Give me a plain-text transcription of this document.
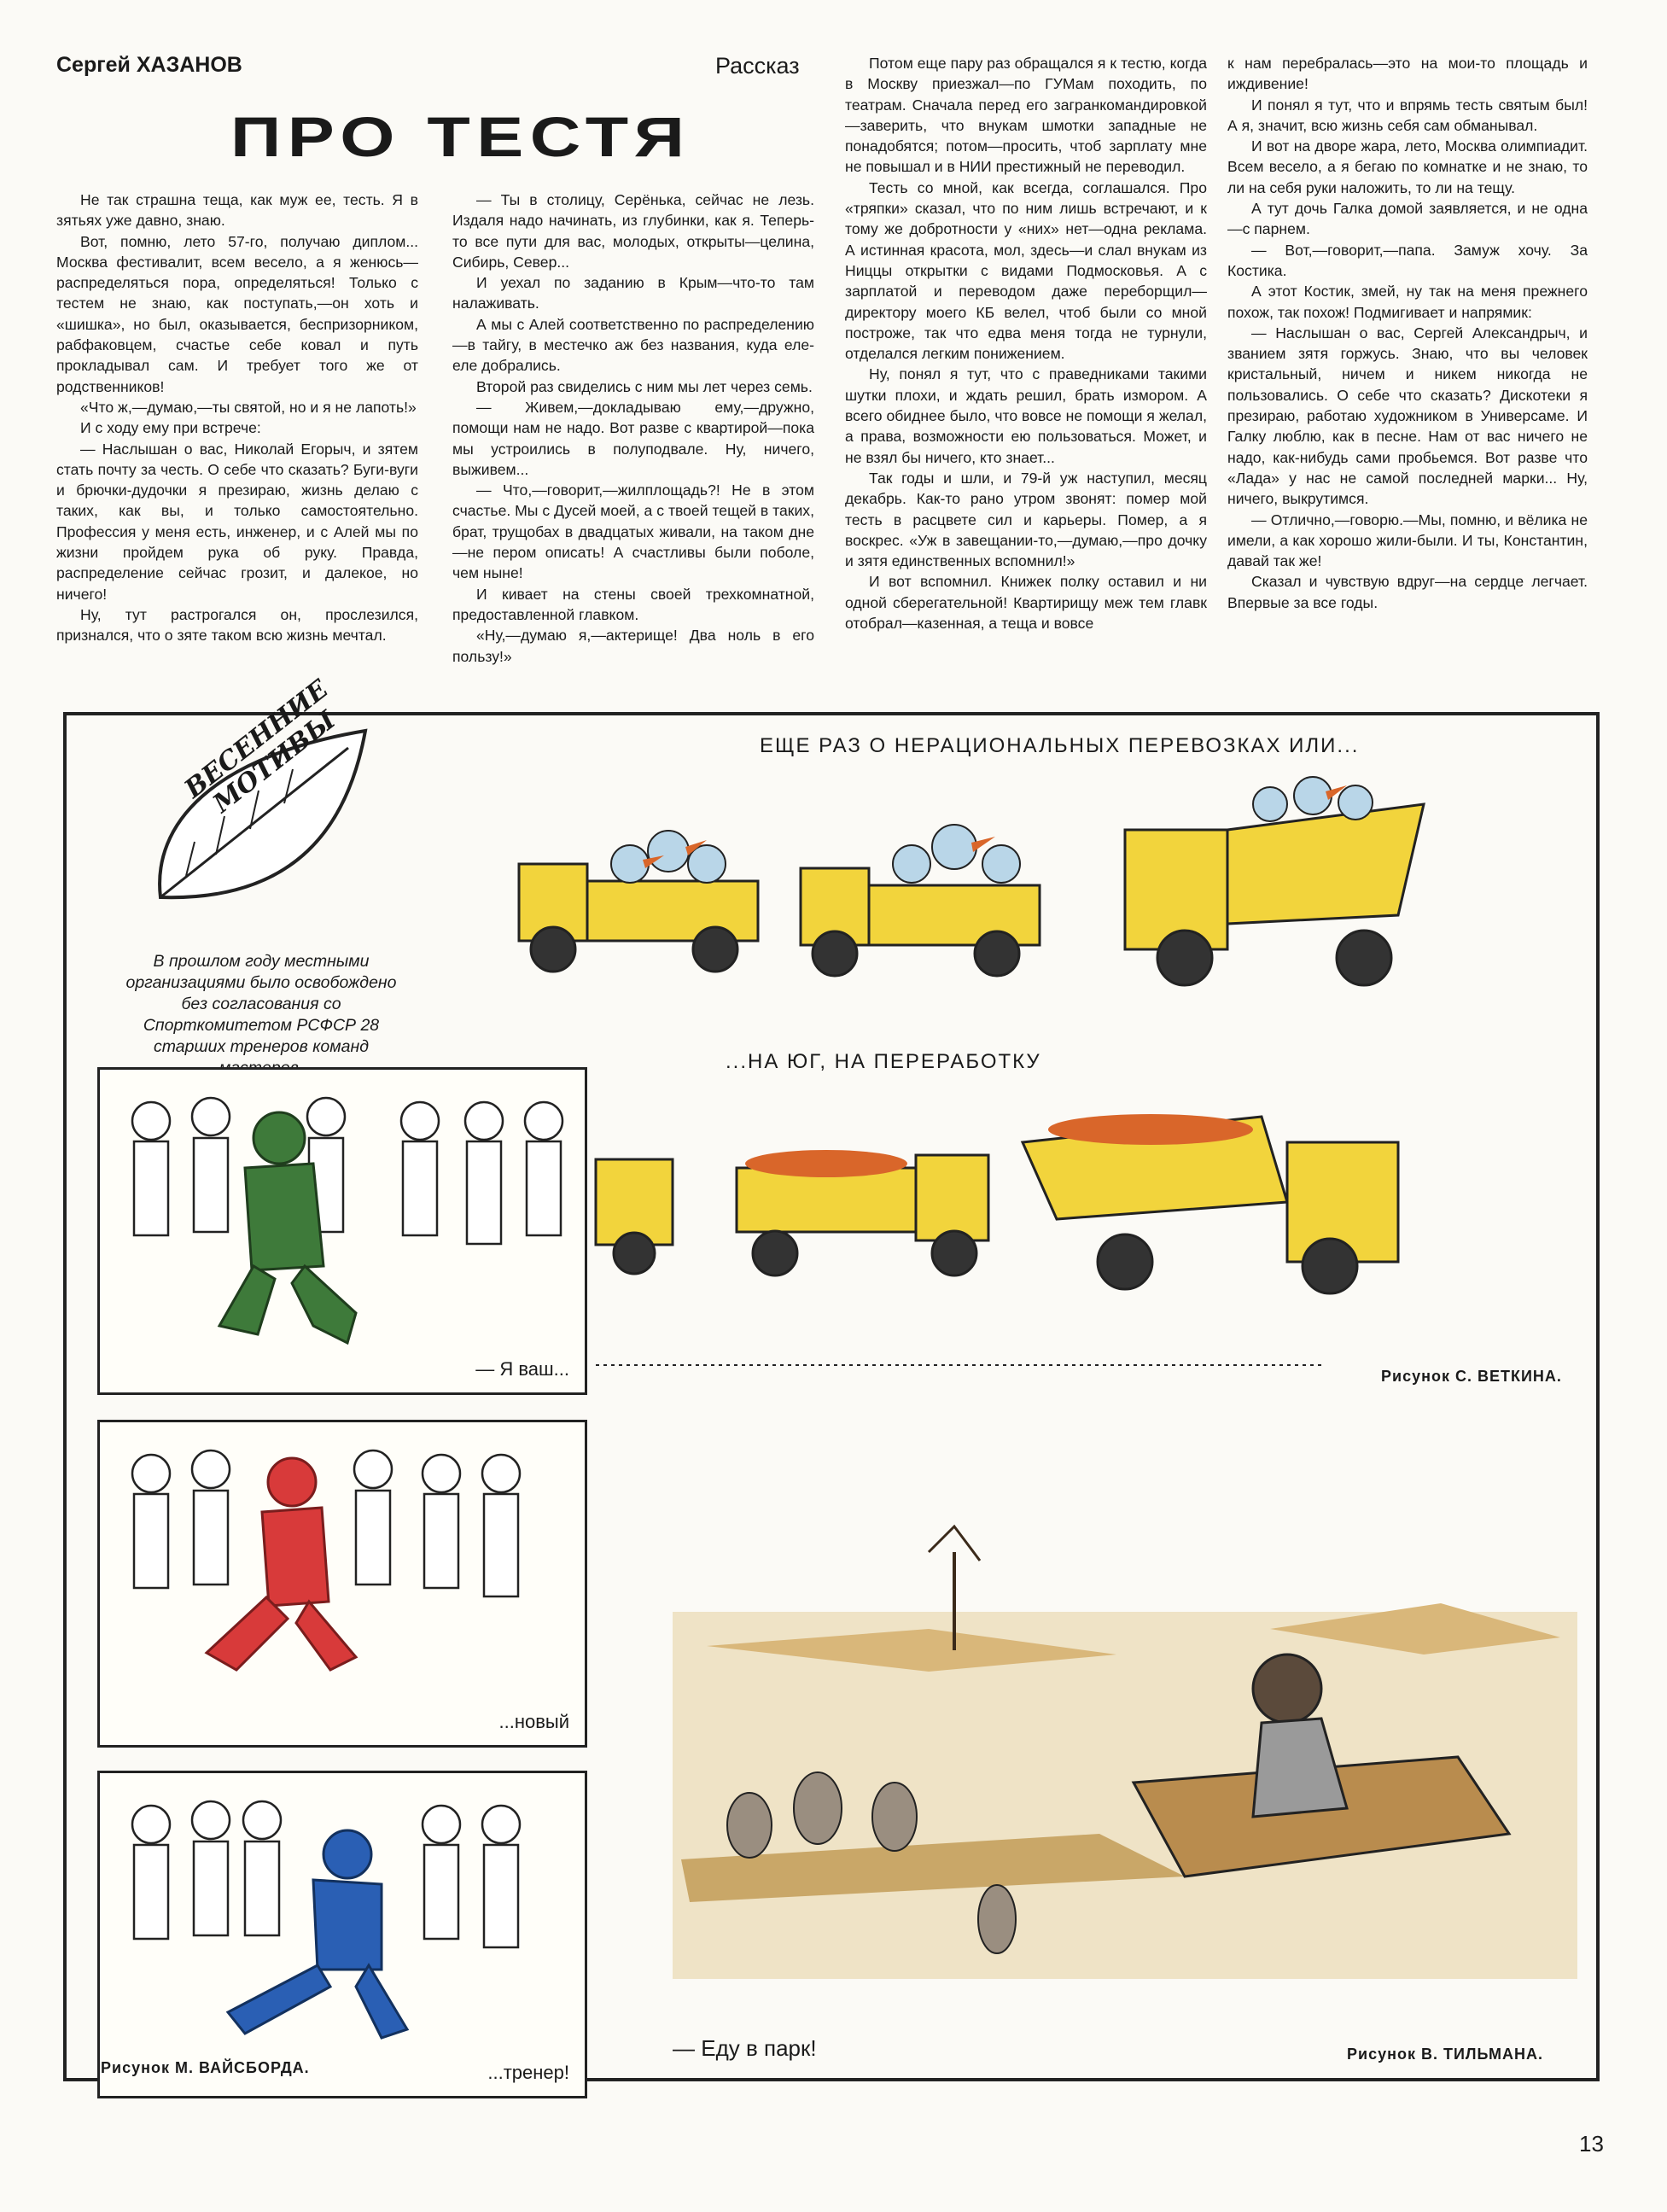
Сергей ХАЗАНОВ	Рассказ
ПРО ТЕСТЯ

Не так страшна теща, как муж ее, тесть. Я в зятьях уже давно, знаю.

Вот, помню, лето 57-го, получаю диплом... Москва фестивалит, всем весело, а я женюсь—распределяться пора, определяться! Только с тестем не знаю, как поступать,—он хоть и «шишка», но был, оказывается, беспризорником, рабфаковцем, счастье себе ковал и путь прокладывал сам. И требует того же от родственников!

«Что ж,—думаю,—ты святой, но и я не лапоть!»

И с ходу ему при встрече:

— Наслышан о вас, Николай Егорыч, и зятем стать почту за честь. О себе что сказать? Буги-вуги и брючки-дудочки я презираю, жизнь делаю с таких, как вы, и только самостоятельно. Профессия у меня есть, инженер, и с Алей мы по жизни пройдем рука об руку. Правда, распределение сейчас грозит, и далекое, но ничего!

Ну, тут растрогался он, прослезился, признался, что о зяте таком всю жизнь мечтал.

— Ты в столицу, Серёнька, сейчас не лезь. Издаля надо начинать, из глубинки, как я. Теперь-то все пути для вас, молодых, открыты—целина, Сибирь, Север...

И уехал по заданию в Крым—что-то там налаживать.

А мы с Алей соответственно по распределению—в тайгу, в местечко аж без названия, куда еле-еле добрались.

Второй раз свиделись с ним мы лет через семь.

— Живем,—докладываю ему,—дружно, помощи нам не надо. Вот разве с квартирой—пока мы устроились в полуподвале. Ну, ничего, выживем...

— Что,—говорит,—жилплощадь?! Не в этом счастье. Мы с Дусей моей, а с твоей тещей в таких, брат, трущобах в двадцатых живали, на таком дне—не пером описать! А счастливы были поболе, чем ныне!

И кивает на стены своей трехкомнатной, предоставленной главком.

«Ну,—думаю я,—актерище! Два ноль в его пользу!»

Потом еще пару раз обращался я к тестю, когда в Москву приезжал—по ГУМам походить, по театрам. Сначала перед его загранкомандировкой—заверить, что внукам шмотки западные не понадобятся; потом—просить, чтоб зарплату мне не повышал и в НИИ престижный не переводил.

Тесть со мной, как всегда, соглашался. Про «тряпки» сказал, что по ним лишь встречают, и к тому же добротности у «них» нет—одна реклама. А истинная красота, мол, здесь—и слал внукам из Ниццы открытки с видами Подмосковья. А с зарплатой и переводом даже переборщил—директору моего КБ велел, чтоб были со мной построже, так что едва меня тогда не турнули, отделался легким понижением.

Ну, понял я тут, что с праведниками такими шутки плохи, и ждать решил, брать измором. А всего обиднее было, что вовсе не помощи я желал, а права, возможности ею пользоваться. Может, и не взял бы ничего, кто знает...

Так годы и шли, и 79-й уж наступил, месяц декабрь. Как-то рано утром звонят: помер мой тесть в расцвете сил и карьеры. Помер, а я воскрес. «Уж в завещании-то,—думаю,—про дочку и зятя единственных вспомнил!»

И вот вспомнил. Книжек полку оставил и ни одной сберегательной! Квартирищу меж тем главк отобрал—казенная, а теща и вовсе

к нам перебралась—это на мои-то площадь и иждивение!

И понял я тут, что и впрямь тесть святым был! А я, значит, всю жизнь себя сам обманывал.

И вот на дворе жара, лето, Москва олимпиадит. Всем весело, а я бегаю по комнатке и не знаю, то ли на себя руки наложить, то ли на тещу.

А тут дочь Галка домой заявляется, и не одна—с парнем.

— Вот,—говорит,—папа. Замуж хочу. За Костика.

А этот Костик, змей, ну так на меня прежнего похож, так похож! Подмигивает и напрямик:

— Наслышан о вас, Сергей Александрыч, и званием зятя горжусь. Знаю, что вы человек кристальный, ничем и никем никогда не пользовались. О себе что сказать? Дискотеки я презираю, работаю художником в Универсаме. И Галку люблю, как в песне. Нам от вас ничего не надо, как-нибудь сами пробьемся. Вот разве что «Лада» у нас не самой последней марки... Ну, ничего, выкрутимся.

— Отлично,—говорю.—Мы, помню, и вёлика не имели, а как хорошо жили-были. И ты, Константин, давай так же!

Сказал и чувствую вдруг—на сердце легчает. Впервые за все годы.

ВЕСЕННИЕ МОТИВЫ
В прошлом году местными организациями было освобождено без согласования со Спорткомитетом РСФСР 28 старших тренеров команд
— Я ваш...
...новый
...тренер!
Рисунок М. ВАЙСБОРДА.
ЕЩЕ РАЗ О НЕРАЦИОНАЛЬНЫХ ПЕРЕВОЗКАХ ИЛИ...
...НА ЮГ, НА ПЕРЕРАБОТКУ
Рисунок С. ВЕТКИНА.
— Еду в парк!	Рисунок В. ТИЛЬМАНА.
13
